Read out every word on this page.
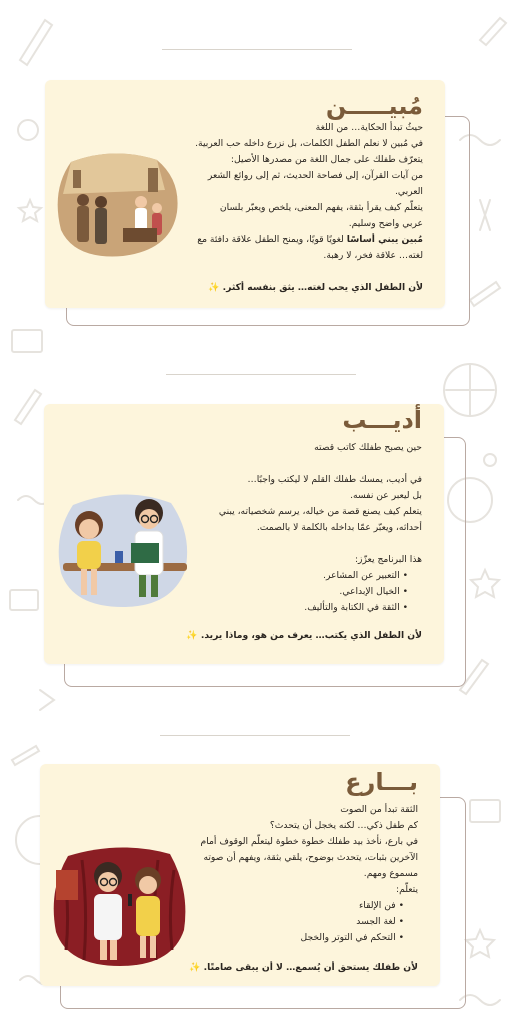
مُبيـــــن

حيثُ تبدأ الحكاية… من اللغة

في مُبين لا نعلم الطفل الكلمات، بل نزرع داخله حب العربية.

يتعرّف طفلك على جمال اللغة من مصدرها الأصيل:

من آيات القرآن، إلى فصاحة الحديث، ثم إلى روائع الشعر

العربي.

يتعلّم كيف يقرأ بثقة، يفهم المعنى، يلخص ويعبّر بلسان

عربي واضح وسليم.

مُبين يبني أساسًا لغويًا قويًا، ويمنح الطفل علاقة دافئة مع

لغته… علاقة فخر، لا رهبة.

لأن الطفل الذي يحب لغته… يثق بنفسه أكثر. ✨
أديـــب

حين يصبح طفلك كاتب قصته

في أديب، يمسك طفلك القلم لا ليكتب واجبًا…

بل ليعبر عن نفسه.

يتعلم كيف يصنع قصة من خياله، يرسم شخصياته، يبني

أحداثه، ويعبّر عمّا بداخله بالكلمة لا بالصمت.

هذا البرنامج يعزّز:

• التعبير عن المشاعر.
• الخيال الإبداعي.
• الثقة في الكتابة والتأليف.
لأن الطفل الذي يكتب… يعرف من هو، وماذا يريد. ✨
بـــارع

الثقة تبدأ من الصوت

كم طفل ذكي… لكنه يخجل أن يتحدث؟

في بارع، نأخذ بيد طفلك خطوة خطوة ليتعلّم الوقوف أمام

الآخرين بثبات، يتحدث بوضوح، يلقي بثقة، ويفهم أن صوته

مسموع ومهم.

يتعلّم:

• فن الإلقاء
• لغة الجسد
• التحكم في التوتر والخجل
لأن طفلك يستحق أن يُسمع… لا أن يبقى صامتًا. ✨
